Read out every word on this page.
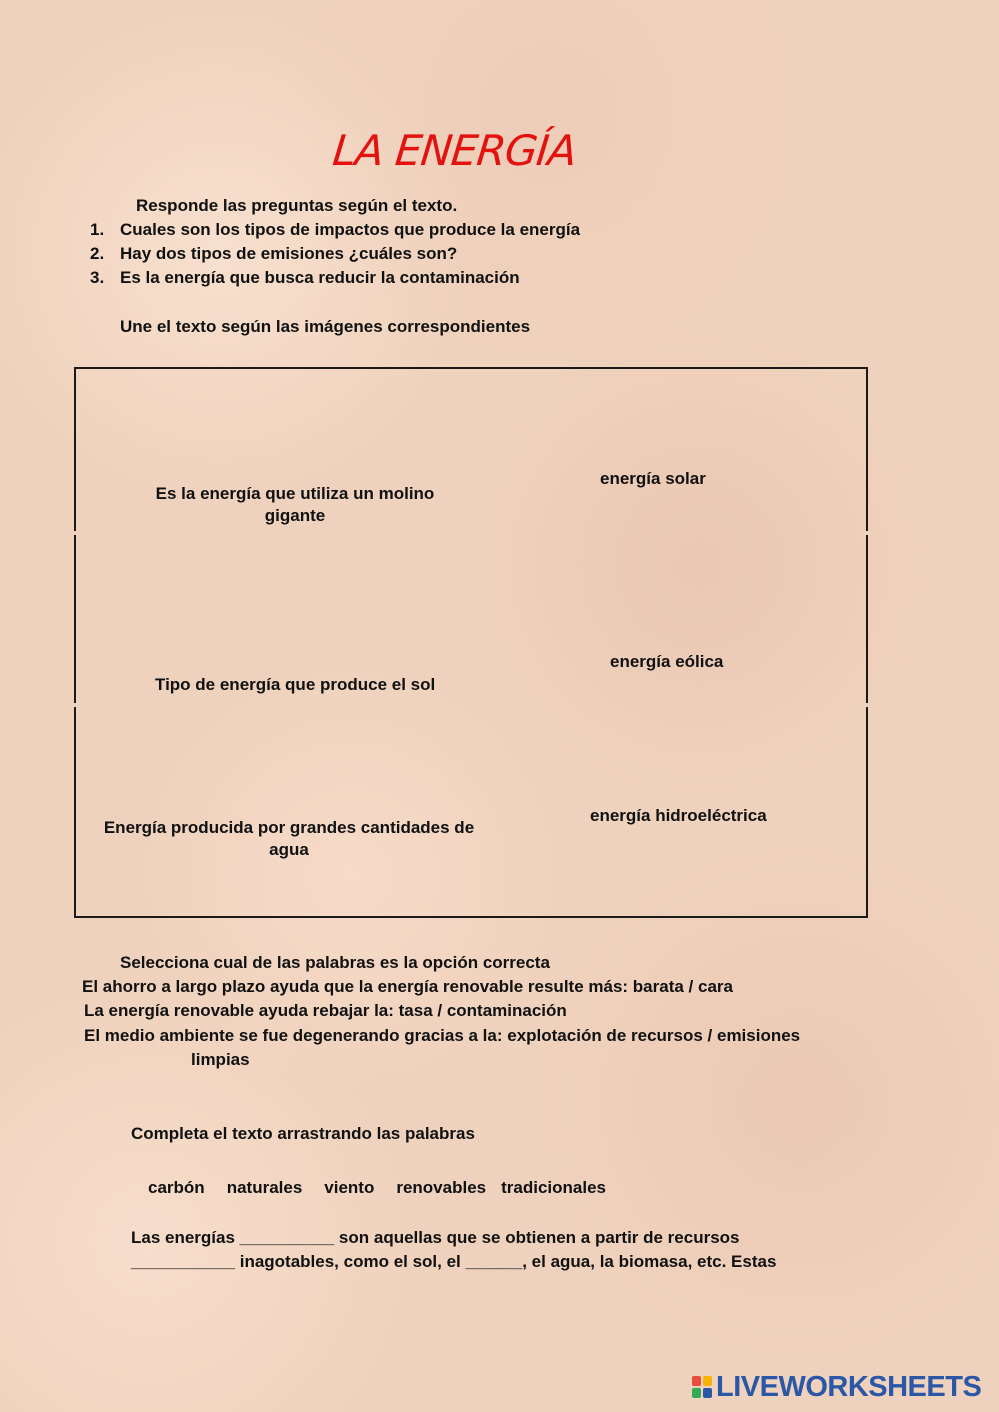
LA ENERGÍA
Responde las preguntas según el texto.
1. Cuales son los tipos de impactos que produce la energía
2. Hay dos tipos de emisiones ¿cuáles son?
3. Es la energía que busca reducir la contaminación
Une el texto según las imágenes correspondientes
Es la energía que utiliza un molino gigante
Tipo de energía que produce el sol
Energía producida por grandes cantidades de agua
energía solar
energía eólica
energía hidroeléctrica
Selecciona cual de las palabras es la opción correcta
El ahorro a largo plazo ayuda que la energía renovable resulte más: barata / cara
La energía renovable ayuda rebajar la: tasa / contaminación
El medio ambiente se fue degenerando gracias a la: explotación de recursos / emisiones
limpias
Completa el texto arrastrando las palabras
carbón naturales viento renovables tradicionales
Las energías __________ son aquellas que se obtienen a partir de recursos
___________ inagotables, como el sol, el ______, el agua, la biomasa, etc. Estas
LIVEWORKSHEETS
